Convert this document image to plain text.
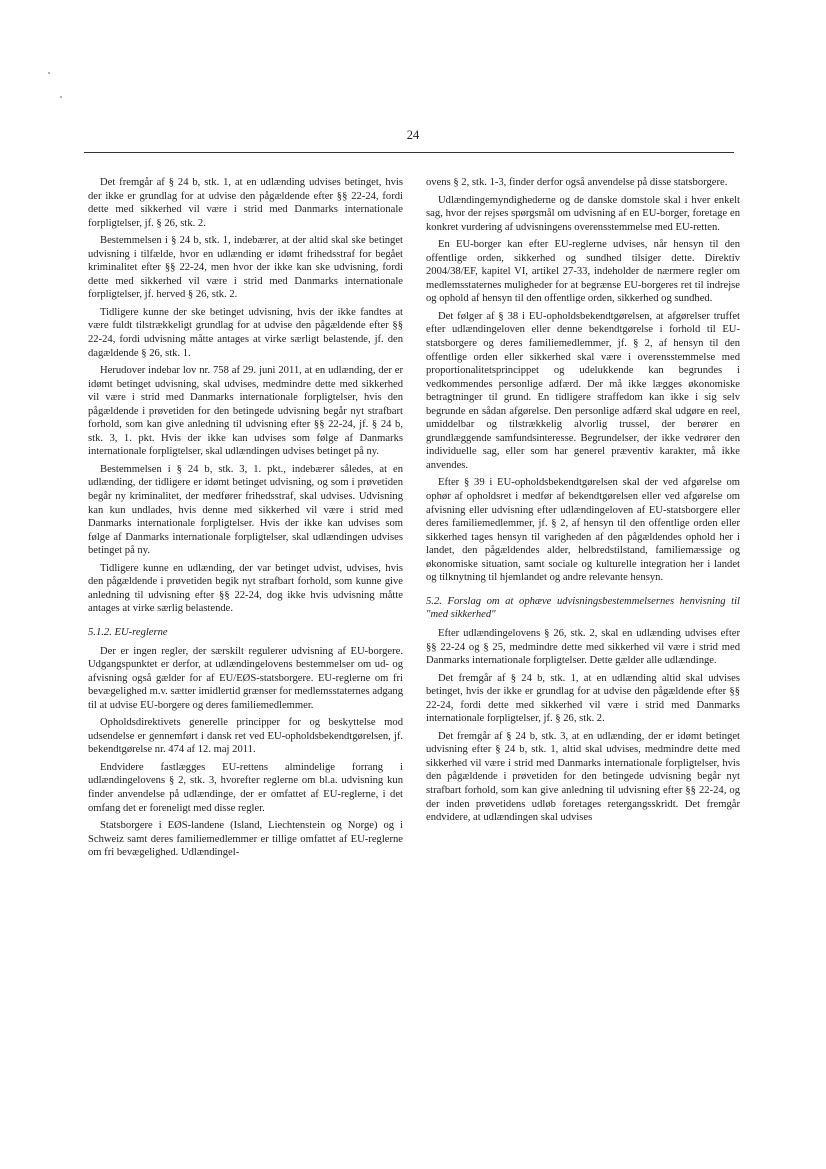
24

Det fremgår af § 24 b, stk. 1, at en udlænding udvises betinget, hvis der ikke er grundlag for at udvise den pågældende efter §§ 22-24, fordi dette med sikkerhed vil være i strid med Danmarks internationale forpligtelser, jf. § 26, stk. 2.

Bestemmelsen i § 24 b, stk. 1, indebærer, at der altid skal ske betinget udvisning i tilfælde, hvor en udlænding er idømt frihedsstraf for begået kriminalitet efter §§ 22-24, men hvor der ikke kan ske udvisning, fordi dette med sikkerhed vil være i strid med Danmarks internationale forpligtelser, jf. herved § 26, stk. 2.

Tidligere kunne der ske betinget udvisning, hvis der ikke fandtes at være fuldt tilstrækkeligt grundlag for at udvise den pågældende efter §§ 22-24, fordi udvisning måtte antages at virke særligt belastende, jf. den dagældende § 26, stk. 1.

Herudover indebar lov nr. 758 af 29. juni 2011, at en udlænding, der er idømt betinget udvisning, skal udvises, medmindre dette med sikkerhed vil være i strid med Danmarks internationale forpligtelser, hvis den pågældende i prøvetiden for den betingede udvisning begår nyt strafbart forhold, som kan give anledning til udvisning efter §§ 22-24, jf. § 24 b, stk. 3, 1. pkt. Hvis der ikke kan udvises som følge af Danmarks internationale forpligtelser, skal udlændingen udvises betinget på ny.

Bestemmelsen i § 24 b, stk. 3, 1. pkt., indebærer således, at en udlænding, der tidligere er idømt betinget udvisning, og som i prøvetiden begår ny kriminalitet, der medfører frihedsstraf, skal udvises. Udvisning kan kun undlades, hvis denne med sikkerhed vil være i strid med Danmarks internationale forpligtelser. Hvis der ikke kan udvises som følge af Danmarks internationale forpligtelser, skal udlændingen udvises betinget på ny.

Tidligere kunne en udlænding, der var betinget udvist, udvises, hvis den pågældende i prøvetiden begik nyt strafbart forhold, som kunne give anledning til udvisning efter §§ 22-24, dog ikke hvis udvisning måtte antages at virke særlig belastende.

5.1.2. EU-reglerne

Der er ingen regler, der særskilt regulerer udvisning af EU-borgere. Udgangspunktet er derfor, at udlændingelovens bestemmelser om ud- og afvisning også gælder for af EU/EØS-statsborgere. EU-reglerne om fri bevægelighed m.v. sætter imidlertid grænser for medlemsstaternes adgang til at udvise EU-borgere og deres familiemedlemmer.

Opholdsdirektivets generelle principper for og beskyttelse mod udsendelse er gennemført i dansk ret ved EU-opholdsbekendtgørelsen, jf. bekendtgørelse nr. 474 af 12. maj 2011.

Endvidere fastlægges EU-rettens almindelige forrang i udlændingelovens § 2, stk. 3, hvorefter reglerne om bl.a. udvisning kun finder anvendelse på udlændinge, der er omfattet af EU-reglerne, i det omfang det er foreneligt med disse regler.

Statsborgere i EØS-landene (Island, Liechtenstein og Norge) og i Schweiz samt deres familiemedlemmer er tillige omfattet af EU-reglerne om fri bevægelighed. Udlændingel-

ovens § 2, stk. 1-3, finder derfor også anvendelse på disse statsborgere.

Udlændingemyndighederne og de danske domstole skal i hver enkelt sag, hvor der rejses spørgsmål om udvisning af en EU-borger, foretage en konkret vurdering af udvisningens overensstemmelse med EU-retten.

En EU-borger kan efter EU-reglerne udvises, når hensyn til den offentlige orden, sikkerhed og sundhed tilsiger dette. Direktiv 2004/38/EF, kapitel VI, artikel 27-33, indeholder de nærmere regler om medlemsstaternes muligheder for at begrænse EU-borgeres ret til indrejse og ophold af hensyn til den offentlige orden, sikkerhed og sundhed.

Det følger af § 38 i EU-opholdsbekendtgørelsen, at afgørelser truffet efter udlændingeloven eller denne bekendtgørelse i forhold til EU-statsborgere og deres familiemedlemmer, jf. § 2, af hensyn til den offentlige orden eller sikkerhed skal være i overensstemmelse med proportionalitetsprincippet og udelukkende kan begrundes i vedkommendes personlige adfærd. Der må ikke lægges økonomiske betragtninger til grund. En tidligere straffedom kan ikke i sig selv begrunde en sådan afgørelse. Den personlige adfærd skal udgøre en reel, umiddelbar og tilstrækkelig alvorlig trussel, der berører en grundlæggende samfundsinteresse. Begrundelser, der ikke vedrører den individuelle sag, eller som har generel præventiv karakter, må ikke anvendes.

Efter § 39 i EU-opholdsbekendtgørelsen skal der ved afgørelse om ophør af opholdsret i medfør af bekendtgørelsen eller ved afgørelse om afvisning eller udvisning efter udlændingeloven af EU-statsborgere eller deres familiemedlemmer, jf. § 2, af hensyn til den offentlige orden eller sikkerhed tages hensyn til varigheden af den pågældendes ophold her i landet, den pågældendes alder, helbredstilstand, familiemæssige og økonomiske situation, samt sociale og kulturelle integration her i landet og tilknytning til hjemlandet og andre relevante hensyn.

5.2. Forslag om at ophæve udvisningsbestemmelsernes henvisning til "med sikkerhed"

Efter udlændingelovens § 26, stk. 2, skal en udlænding udvises efter §§ 22-24 og § 25, medmindre dette med sikkerhed vil være i strid med Danmarks internationale forpligtelser. Dette gælder alle udlændinge.

Det fremgår af § 24 b, stk. 1, at en udlænding altid skal udvises betinget, hvis der ikke er grundlag for at udvise den pågældende efter §§ 22-24, fordi dette med sikkerhed vil være i strid med Danmarks internationale forpligtelser, jf. § 26, stk. 2.

Det fremgår af § 24 b, stk. 3, at en udlænding, der er idømt betinget udvisning efter § 24 b, stk. 1, altid skal udvises, medmindre dette med sikkerhed vil være i strid med Danmarks internationale forpligtelser, hvis den pågældende i prøvetiden for den betingede udvisning begår nyt strafbart forhold, som kan give anledning til udvisning efter §§ 22-24, og der inden prøvetidens udløb foretages retergangsskridt. Det fremgår endvidere, at udlændingen skal udvises
